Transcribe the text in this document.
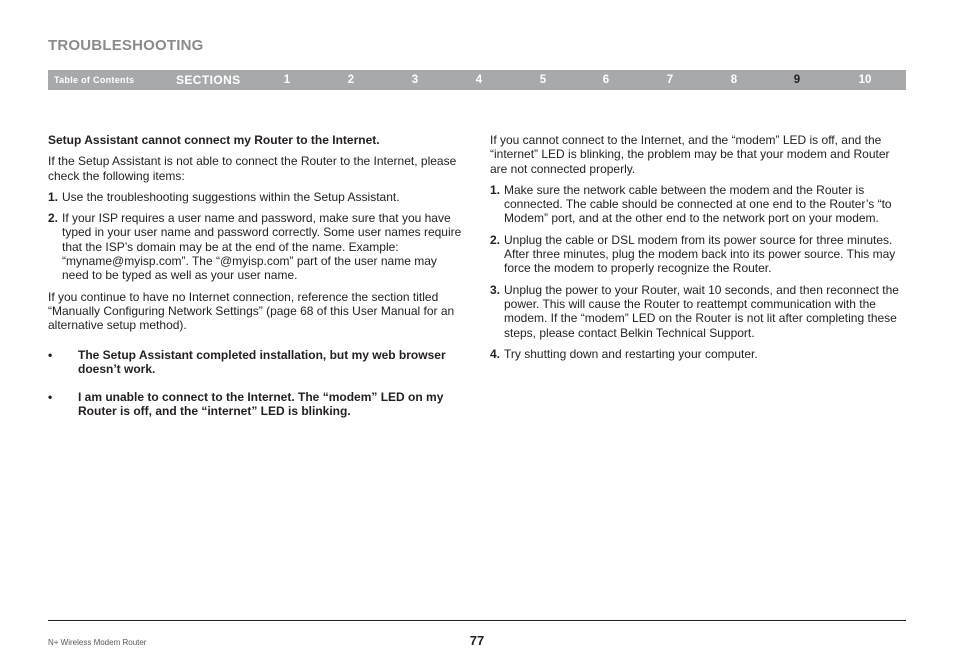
TROUBLESHOOTING
Table of Contents	SECTIONS	1	2	3	4	5	6	7	8	9	10

Setup Assistant cannot connect my Router to the Internet.

If the Setup Assistant is not able to connect the Router to the Internet, please check the following items:

1. Use the troubleshooting suggestions within the Setup Assistant.
2. If your ISP requires a user name and password, make sure that you have typed in your user name and password correctly. Some user names require that the ISP’s domain may be at the end of the name. Example: “myname@myisp.com”. The “@myisp.com” part of the user name may need to be typed as well as your user name.

If you continue to have no Internet connection, reference the section titled “Manually Configuring Network Settings” (page 68 of this User Manual for an alternative setup method).

• The Setup Assistant completed installation, but my web browser doesn’t work.
• I am unable to connect to the Internet. The “modem” LED on my Router is off, and the “internet” LED is blinking.

If you cannot connect to the Internet, and the “modem” LED is off, and the “internet” LED is blinking, the problem may be that your modem and Router are not connected properly.

1. Make sure the network cable between the modem and the Router is connected. The cable should be connected at one end to the Router’s “to Modem” port, and at the other end to the network port on your modem.
2. Unplug the cable or DSL modem from its power source for three minutes. After three minutes, plug the modem back into its power source. This may force the modem to properly recognize the Router.
3. Unplug the power to your Router, wait 10 seconds, and then reconnect the power. This will cause the Router to reattempt communication with the modem. If the “modem” LED on the Router is not lit after completing these steps, please contact Belkin Technical Support.
4. Try shutting down and restarting your computer.
N+ Wireless Modem Router	77
